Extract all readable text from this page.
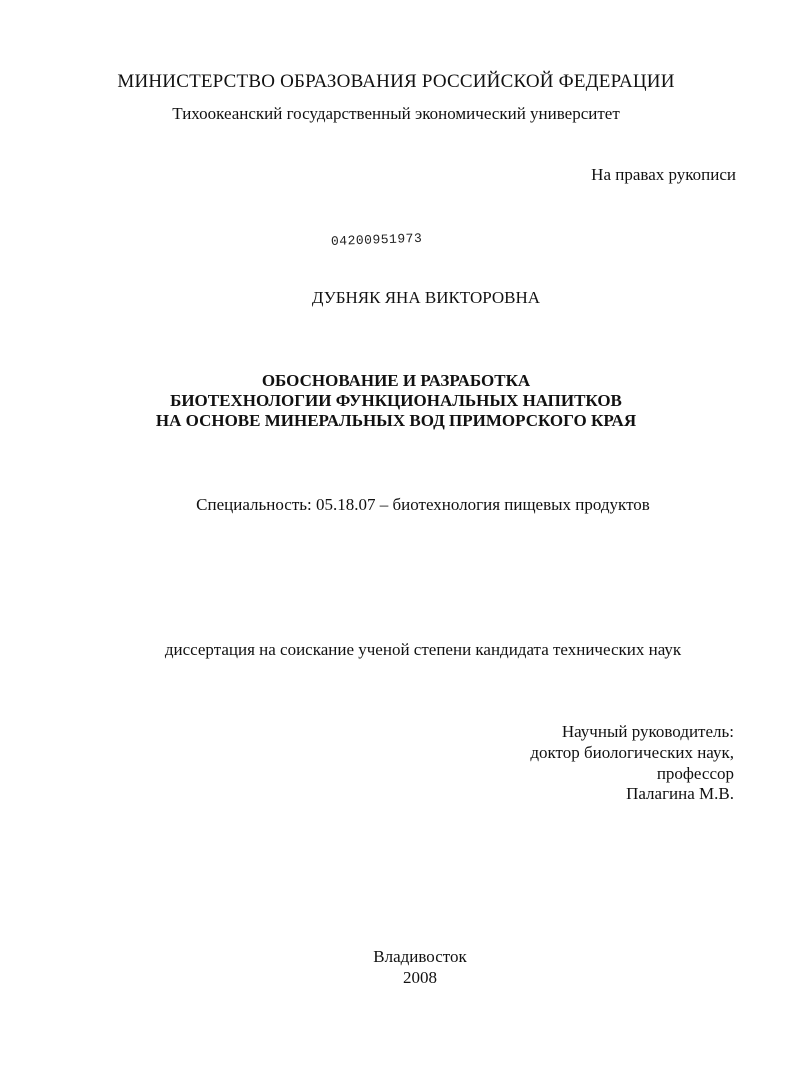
МИНИСТЕРСТВО ОБРАЗОВАНИЯ РОССИЙСКОЙ ФЕДЕРАЦИИ
Тихоокеанский государственный экономический университет
На правах рукописи
04200951973
ДУБНЯК ЯНА ВИКТОРОВНА
ОБОСНОВАНИЕ И РАЗРАБОТКА
БИОТЕХНОЛОГИИ ФУНКЦИОНАЛЬНЫХ НАПИТКОВ
НА ОСНОВЕ МИНЕРАЛЬНЫХ ВОД ПРИМОРСКОГО КРАЯ
Специальность: 05.18.07 – биотехнология пищевых продуктов
диссертация на соискание ученой степени кандидата технических наук
Научный руководитель:
доктор биологических наук,
профессор
Палагина М.В.
Владивосток
2008
